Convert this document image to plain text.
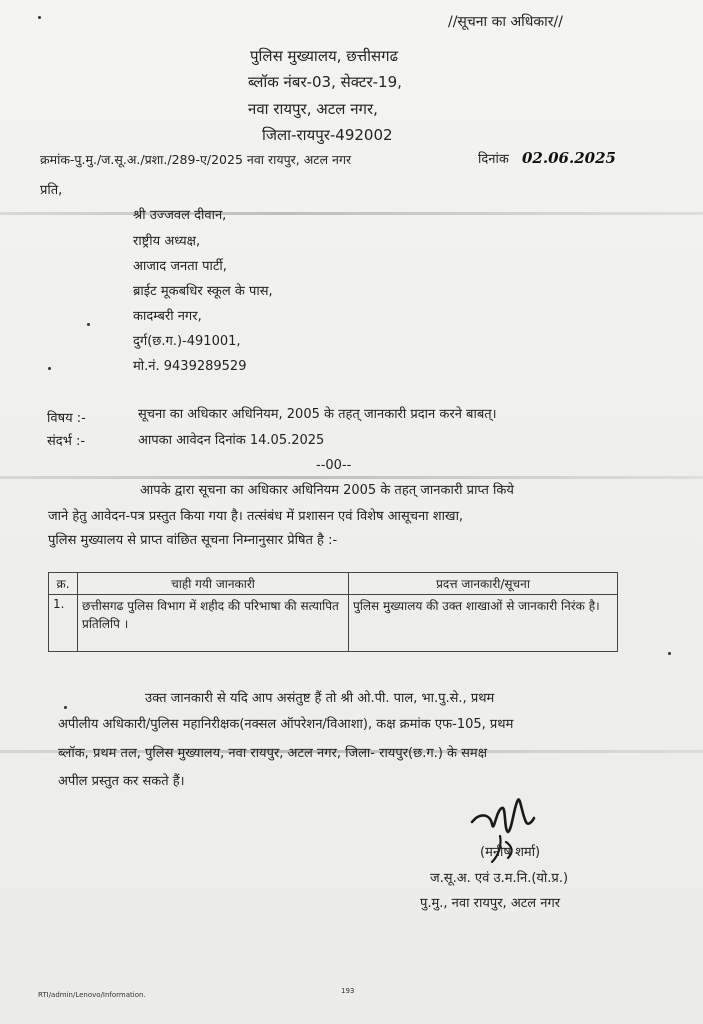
//सूचना का अधिकार//
पुलिस मुख्यालय, छत्तीसगढ
ब्लॉक नंबर-03, सेक्टर-19,
नवा रायपुर, अटल नगर,
जिला-रायपुर-492002
क्रमांक-पु.मु./ज.सू.अ./प्रशा./289-ए/2025 नवा रायपुर, अटल नगर	दिनांक 02.06.2025
प्रति,
श्री उज्जवल दीवान,
राष्ट्रीय अध्यक्ष,
आजाद जनता पार्टी,
ब्राईट मूकबधिर स्कूल के पास,
कादम्बरी नगर,
दुर्ग(छ.ग.)-491001,
मो.नं. 9439289529
विषय :-	सूचना का अधिकार अधिनियम, 2005 के तहत् जानकारी प्रदान करने बाबत्।
संदर्भ :-	आपका आवेदन दिनांक 14.05.2025
--00--
आपके द्वारा सूचना का अधिकार अधिनियम 2005 के तहत् जानकारी प्राप्त किये
जाने हेतु आवेदन-पत्र प्रस्तुत किया गया है। तत्संबंध में प्रशासन एवं विशेष आसूचना शाखा,
पुलिस मुख्यालय से प्राप्त वांछित सूचना निम्नानुसार प्रेषित है :-
क्र.	चाही गयी जानकारी	प्रदत्त जानकारी/सूचना
1.	छत्तीसगढ पुलिस विभाग में शहीद की परिभाषा की सत्यापित प्रतिलिपि ।	पुलिस मुख्यालय की उक्त शाखाओं से जानकारी निरंक है।
उक्त जानकारी से यदि आप असंतुष्ट हैं तो श्री ओ.पी. पाल, भा.पु.से., प्रथम
अपीलीय अधिकारी/पुलिस महानिरीक्षक(नक्सल ऑपरेशन/विआशा), कक्ष क्रमांक एफ-105, प्रथम
ब्लॉक, प्रथम तल, पुलिस मुख्यालय, नवा रायपुर, अटल नगर, जिला- रायपुर(छ.ग.) के समक्ष
अपील प्रस्तुत कर सकते हैं।
(मनीष शर्मा)
ज.सू.अ. एवं उ.म.नि.(यो.प्र.)
पु.मु., नवा रायपुर, अटल नगर
RTI/admin/Lenovo/Information.	193
